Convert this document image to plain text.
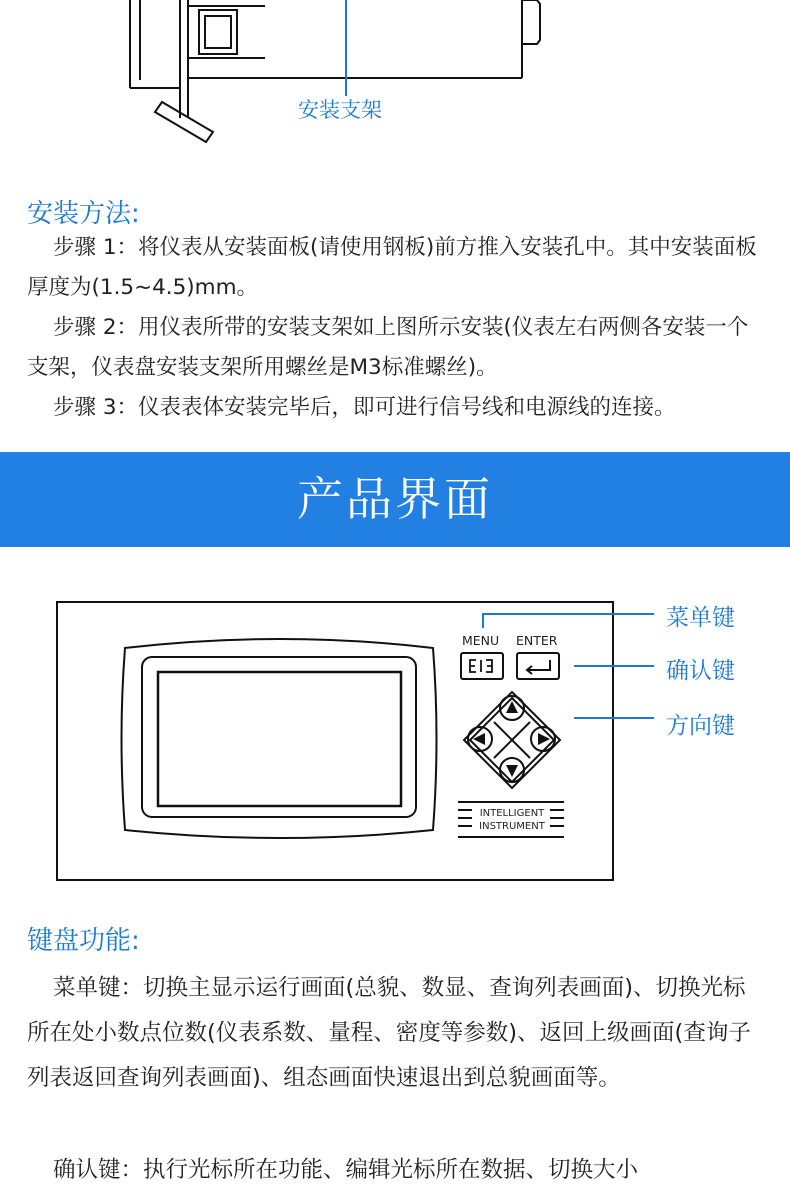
安装支架
安装方法:

步骤 1：将仪表从安装面板(请使用钢板)前方推入安装孔中。其中安装面板厚度为(1.5~4.5)mm。

步骤 2：用仪表所带的安装支架如上图所示安装(仪表左右两侧各安装一个支架，仪表盘安装支架所用螺丝是M3标准螺丝)。

步骤 3：仪表表体安装完毕后，即可进行信号线和电源线的连接。

产品界面
MENU ENTER
INTELLIGENT
INSTRUMENT
菜单键
确认键
方向键
键盘功能:

菜单键：切换主显示运行画面(总貌、数显、查询列表画面)、切换光标所在处小数点位数(仪表系数、量程、密度等参数)、返回上级画面(查询子列表返回查询列表画面)、组态画面快速退出到总貌画面等。

确认键：执行光标所在功能、编辑光标所在数据、切换大小
